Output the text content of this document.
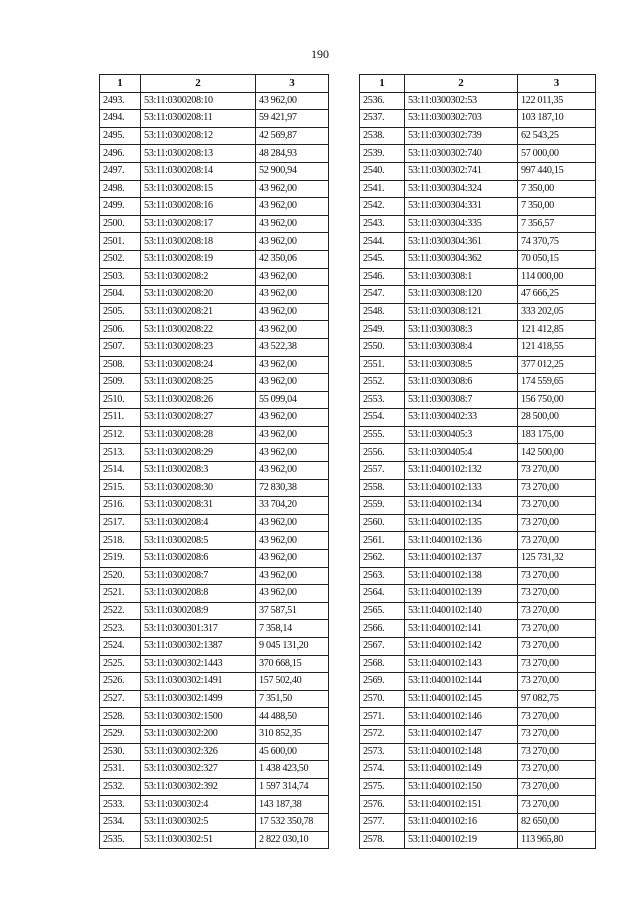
190
1	2	3
2493.	53:11:0300208:10	43 962,00
2494.	53:11:0300208:11	59 421,97
2495.	53:11:0300208:12	42 569,87
2496.	53:11:0300208:13	48 284,93
2497.	53:11:0300208:14	52 900,94
2498.	53:11:0300208:15	43 962,00
2499.	53:11:0300208:16	43 962,00
2500.	53:11:0300208:17	43 962,00
2501.	53:11:0300208:18	43 962,00
2502.	53:11:0300208:19	42 350,06
2503.	53:11:0300208:2	43 962,00
2504.	53:11:0300208:20	43 962,00
2505.	53:11:0300208:21	43 962,00
2506.	53:11:0300208:22	43 962,00
2507.	53:11:0300208:23	43 522,38
2508.	53:11:0300208:24	43 962,00
2509.	53:11:0300208:25	43 962,00
2510.	53:11:0300208:26	55 099,04
2511.	53:11:0300208:27	43 962,00
2512.	53:11:0300208:28	43 962,00
2513.	53:11:0300208:29	43 962,00
2514.	53:11:0300208:3	43 962,00
2515.	53:11:0300208:30	72 830,38
2516.	53:11:0300208:31	33 704,20
2517.	53:11:0300208:4	43 962,00
2518.	53:11:0300208:5	43 962,00
2519.	53:11:0300208:6	43 962,00
2520.	53:11:0300208:7	43 962,00
2521.	53:11:0300208:8	43 962,00
2522.	53:11:0300208:9	37 587,51
2523.	53:11:0300301:317	7 358,14
2524.	53:11:0300302:1387	9 045 131,20
2525.	53:11:0300302:1443	370 668,15
2526.	53:11:0300302:1491	157 502,40
2527.	53:11:0300302:1499	7 351,50
2528.	53:11:0300302:1500	44 488,50
2529.	53:11:0300302:200	310 852,35
2530.	53:11:0300302:326	45 600,00
2531.	53:11:0300302:327	1 438 423,50
2532.	53:11:0300302:392	1 597 314,74
2533.	53:11:0300302:4	143 187,38
2534.	53:11:0300302:5	17 532 350,78
2535.	53:11:0300302:51	2 822 030,10
1	2	3
2536.	53:11:0300302:53	122 011,35
2537.	53:11:0300302:703	103 187,10
2538.	53:11:0300302:739	62 543,25
2539.	53:11:0300302:740	57 000,00
2540.	53:11:0300302:741	997 440,15
2541.	53:11:0300304:324	7 350,00
2542.	53:11:0300304:331	7 350,00
2543.	53:11:0300304:335	7 356,57
2544.	53:11:0300304:361	74 370,75
2545.	53:11:0300304:362	70 050,15
2546.	53:11:0300308:1	114 000,00
2547.	53:11:0300308:120	47 666,25
2548.	53:11:0300308:121	333 202,05
2549.	53:11:0300308:3	121 412,85
2550.	53:11:0300308:4	121 418,55
2551.	53:11:0300308:5	377 012,25
2552.	53:11:0300308:6	174 559,65
2553.	53:11:0300308:7	156 750,00
2554.	53:11:0300402:33	28 500,00
2555.	53:11:0300405:3	183 175,00
2556.	53:11:0300405:4	142 500,00
2557.	53:11:0400102:132	73 270,00
2558.	53:11:0400102:133	73 270,00
2559.	53:11:0400102:134	73 270,00
2560.	53:11:0400102:135	73 270,00
2561.	53:11:0400102:136	73 270,00
2562.	53:11:0400102:137	125 731,32
2563.	53:11:0400102:138	73 270,00
2564.	53:11:0400102:139	73 270,00
2565.	53:11:0400102:140	73 270,00
2566.	53:11:0400102:141	73 270,00
2567.	53:11:0400102:142	73 270,00
2568.	53:11:0400102:143	73 270,00
2569.	53:11:0400102:144	73 270,00
2570.	53:11:0400102:145	97 082,75
2571.	53:11:0400102:146	73 270,00
2572.	53:11:0400102:147	73 270,00
2573.	53:11:0400102:148	73 270,00
2574.	53:11:0400102:149	73 270,00
2575.	53:11:0400102:150	73 270,00
2576.	53:11:0400102:151	73 270,00
2577.	53:11:0400102:16	82 650,00
2578.	53:11:0400102:19	113 965,80
